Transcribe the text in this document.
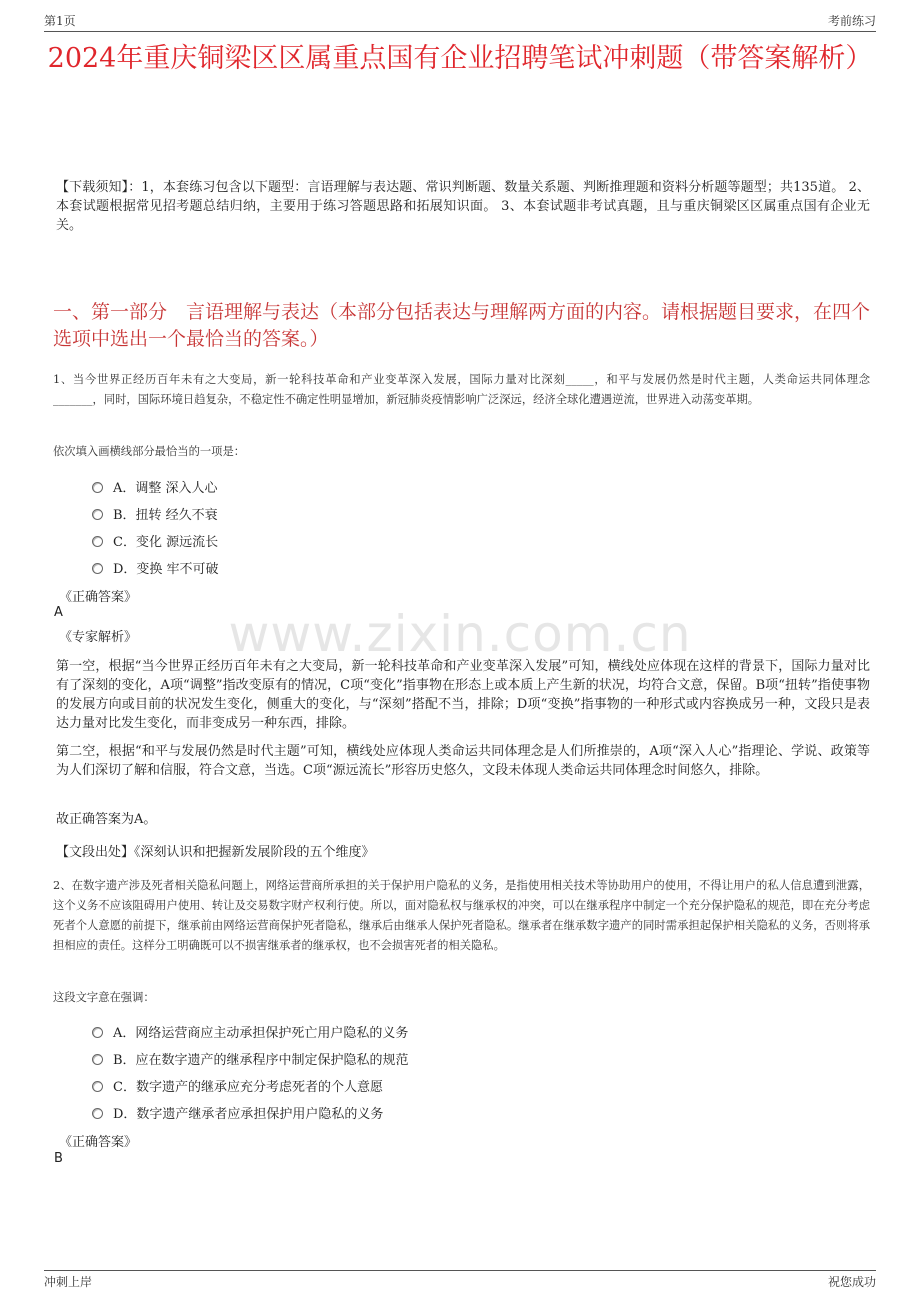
第1页	考前练习
2024年重庆铜梁区区属重点国有企业招聘笔试冲刺题（带答案解析）
【下载须知】：1，本套练习包含以下题型：言语理解与表达题、常识判断题、数量关系题、判断推理题和资料分析题等题型；共135道。 2、本套试题根据常见招考题总结归纳，主要用于练习答题思路和拓展知识面。 3、本套试题非考试真题，且与重庆铜梁区区属重点国有企业无关。
一、第一部分　言语理解与表达（本部分包括表达与理解两方面的内容。请根据题目要求，在四个选项中选出一个最恰当的答案。）
www.zixin.com.cn
1、当今世界正经历百年未有之大变局，新一轮科技革命和产业变革深入发展，国际力量对比深刻_____，和平与发展仍然是时代主题，人类命运共同体理念_______，同时，国际环境日趋复杂，不稳定性不确定性明显增加，新冠肺炎疫情影响广泛深远，经济全球化遭遇逆流，世界进入动荡变革期。
依次填入画横线部分最恰当的一项是：
A．调整 深入人心
B．扭转 经久不衰
C．变化 源远流长
D．变换 牢不可破
《正确答案》
A
《专家解析》
第一空，根据“当今世界正经历百年未有之大变局，新一轮科技革命和产业变革深入发展”可知，横线处应体现在这样的背景下，国际力量对比有了深刻的变化，A项“调整”指改变原有的情况，C项“变化”指事物在形态上或本质上产生新的状况，均符合文意，保留。B项“扭转”指使事物的发展方向或目前的状况发生变化，侧重大的变化，与“深刻”搭配不当，排除；D项“变换”指事物的一种形式或内容换成另一种，文段只是表达力量对比发生变化，而非变成另一种东西，排除。
第二空，根据“和平与发展仍然是时代主题”可知，横线处应体现人类命运共同体理念是人们所推崇的，A项“深入人心”指理论、学说、政策等为人们深切了解和信服，符合文意，当选。C项“源远流长”形容历史悠久，文段未体现人类命运共同体理念时间悠久，排除。
故正确答案为A。
【文段出处】《深刻认识和把握新发展阶段的五个维度》
2、在数字遗产涉及死者相关隐私问题上，网络运营商所承担的关于保护用户隐私的义务，是指使用相关技术等协助用户的使用，不得让用户的私人信息遭到泄露，这个义务不应该阻碍用户使用、转让及交易数字财产权利行使。所以，面对隐私权与继承权的冲突，可以在继承程序中制定一个充分保护隐私的规范，即在充分考虑死者个人意愿的前提下，继承前由网络运营商保护死者隐私，继承后由继承人保护死者隐私。继承者在继承数字遗产的同时需承担起保护相关隐私的义务，否则将承担相应的责任。这样分工明确既可以不损害继承者的继承权，也不会损害死者的相关隐私。
这段文字意在强调：
A．网络运营商应主动承担保护死亡用户隐私的义务
B．应在数字遗产的继承程序中制定保护隐私的规范
C．数字遗产的继承应充分考虑死者的个人意愿
D．数字遗产继承者应承担保护用户隐私的义务
《正确答案》
B
冲刺上岸	祝您成功
